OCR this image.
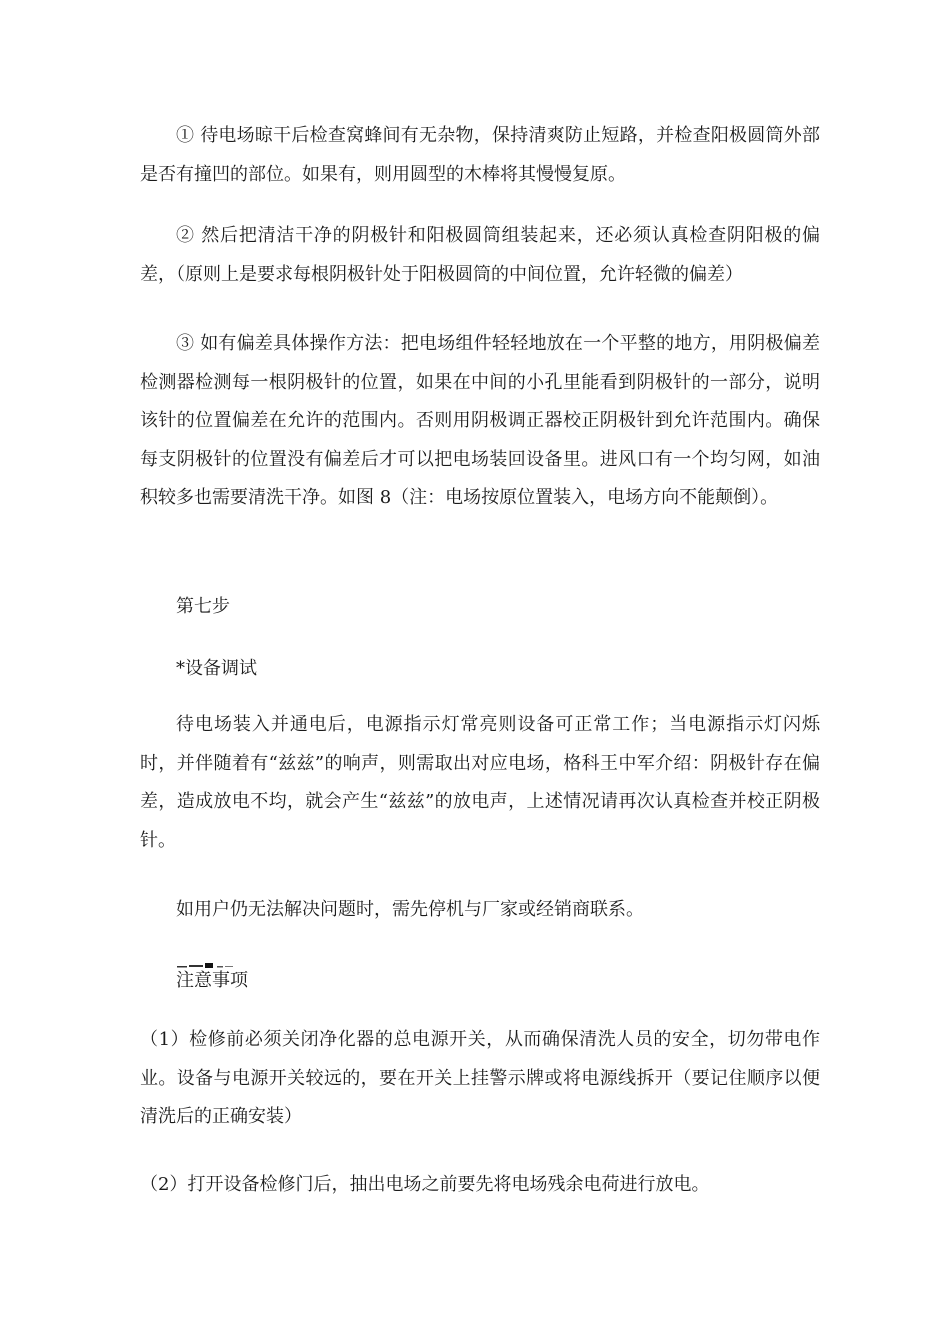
① 待电场晾干后检查窝蜂间有无杂物，保持清爽防止短路，并检查阳极圆筒外部是否有撞凹的部位。如果有，则用圆型的木棒将其慢慢复原。

② 然后把清洁干净的阴极针和阳极圆筒组装起来，还必须认真检查阴阳极的偏差，（原则上是要求每根阴极针处于阳极圆筒的中间位置，允许轻微的偏差）

③ 如有偏差具体操作方法：把电场组件轻轻地放在一个平整的地方，用阴极偏差检测器检测每一根阴极针的位置，如果在中间的小孔里能看到阴极针的一部分，说明该针的位置偏差在允许的范围内。否则用阴极调正器校正阴极针到允许范围内。确保每支阴极针的位置没有偏差后才可以把电场装回设备里。进风口有一个均匀网，如油积较多也需要清洗干净。如图 8（注：电场按原位置装入，电场方向不能颠倒）。

第七步

*设备调试

待电场装入并通电后，电源指示灯常亮则设备可正常工作；当电源指示灯闪烁时，并伴随着有“兹兹”的响声，则需取出对应电场，格科王中军介绍：阴极针存在偏差，造成放电不均，就会产生“兹兹”的放电声，上述情况请再次认真检查并校正阴极针。

如用户仍无法解决问题时，需先停机与厂家或经销商联系。

注意事项

（1）检修前必须关闭净化器的总电源开关，从而确保清洗人员的安全，切勿带电作业。设备与电源开关较远的，要在开关上挂警示牌或将电源线拆开（要记住顺序以便清洗后的正确安装）

（2）打开设备检修门后，抽出电场之前要先将电场残余电荷进行放电。
